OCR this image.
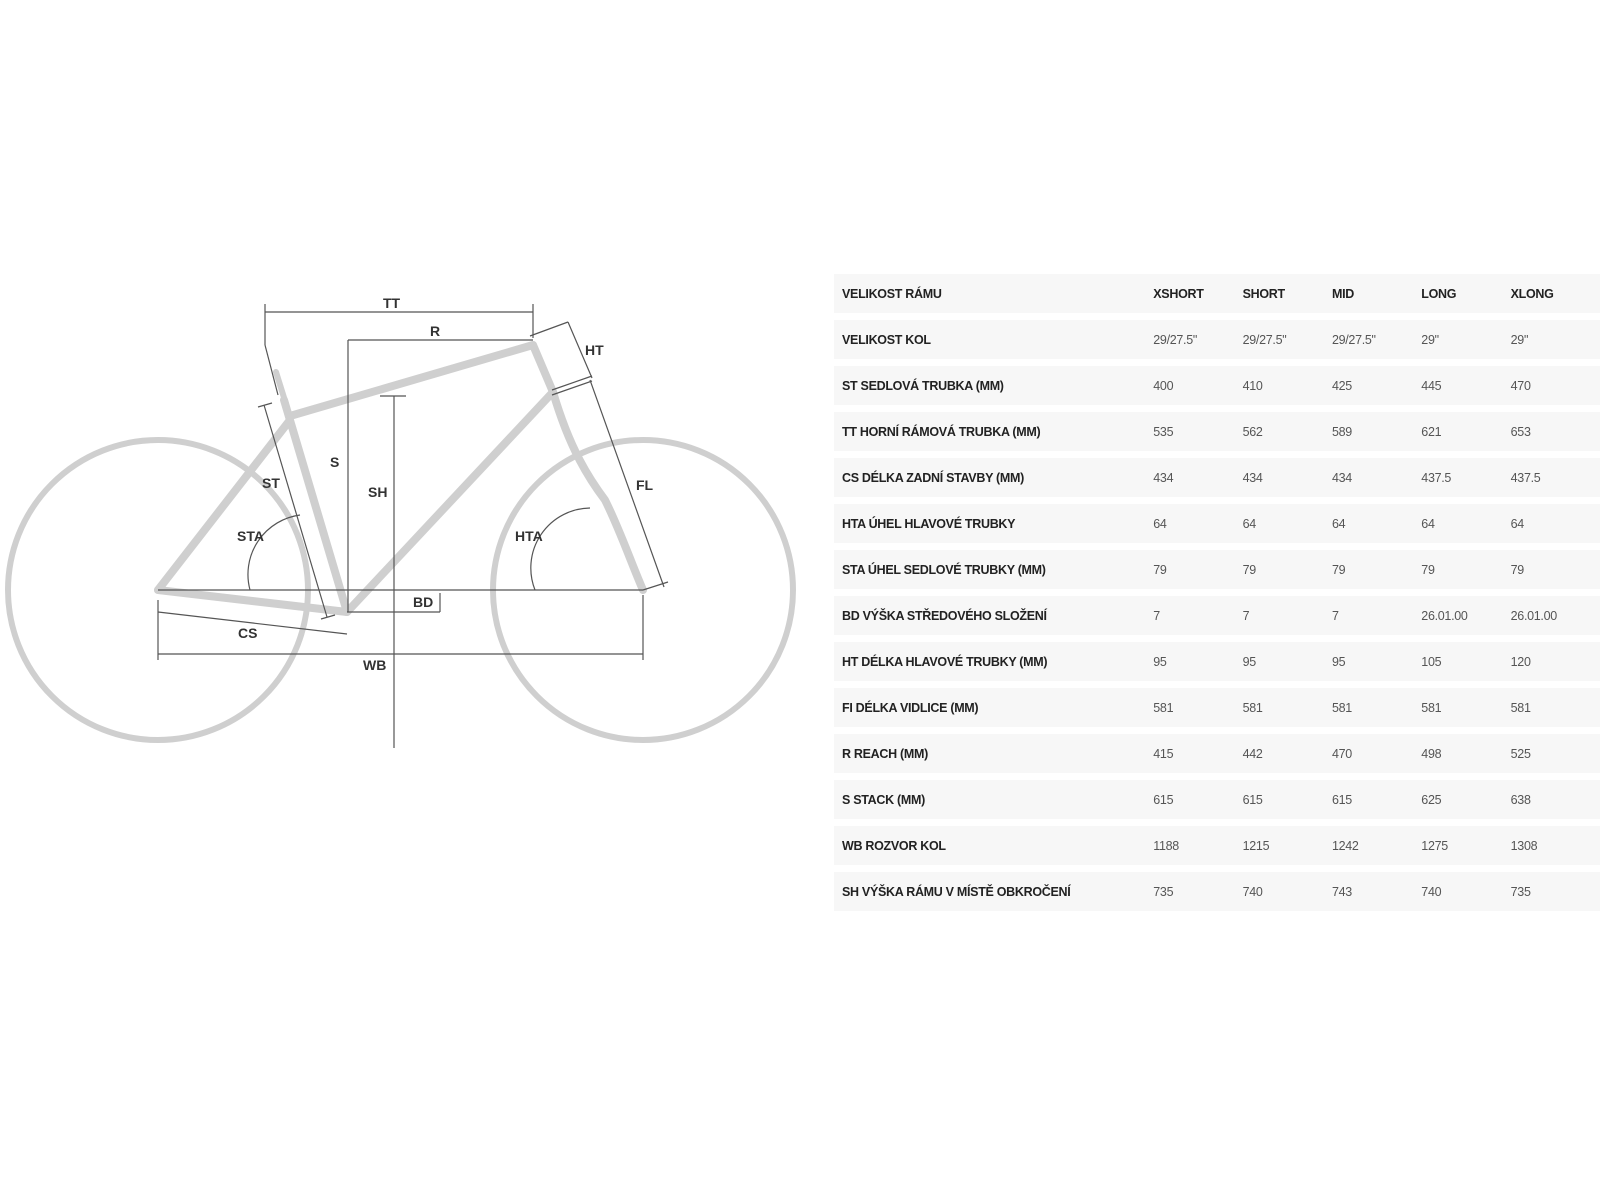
TT
R
HT
S
SH
ST
STA	HTA
FL
BD
CS
WB
VELIKOST RÁMU	XSHORT	SHORT	MID	LONG	XLONG
VELIKOST KOL	29/27.5"	29/27.5"	29/27.5"	29"	29"
ST SEDLOVÁ TRUBKA (MM)	400	410	425	445	470
TT HORNÍ RÁMOVÁ TRUBKA (MM)	535	562	589	621	653
CS DÉLKA ZADNÍ STAVBY (MM)	434	434	434	437.5	437.5
HTA ÚHEL HLAVOVÉ TRUBKY	64	64	64	64	64
STA ÚHEL SEDLOVÉ TRUBKY (MM)	79	79	79	79	79
BD VÝŠKA STŘEDOVÉHO SLOŽENÍ	7	7	7	26.01.00	26.01.00
HT DÉLKA HLAVOVÉ TRUBKY (MM)	95	95	95	105	120
FI DÉLKA VIDLICE (MM)	581	581	581	581	581
R REACH (MM)	415	442	470	498	525
S STACK (MM)	615	615	615	625	638
WB ROZVOR KOL	1188	1215	1242	1275	1308
SH VÝŠKA RÁMU V MÍSTĚ OBKROČENÍ	735	740	743	740	735
